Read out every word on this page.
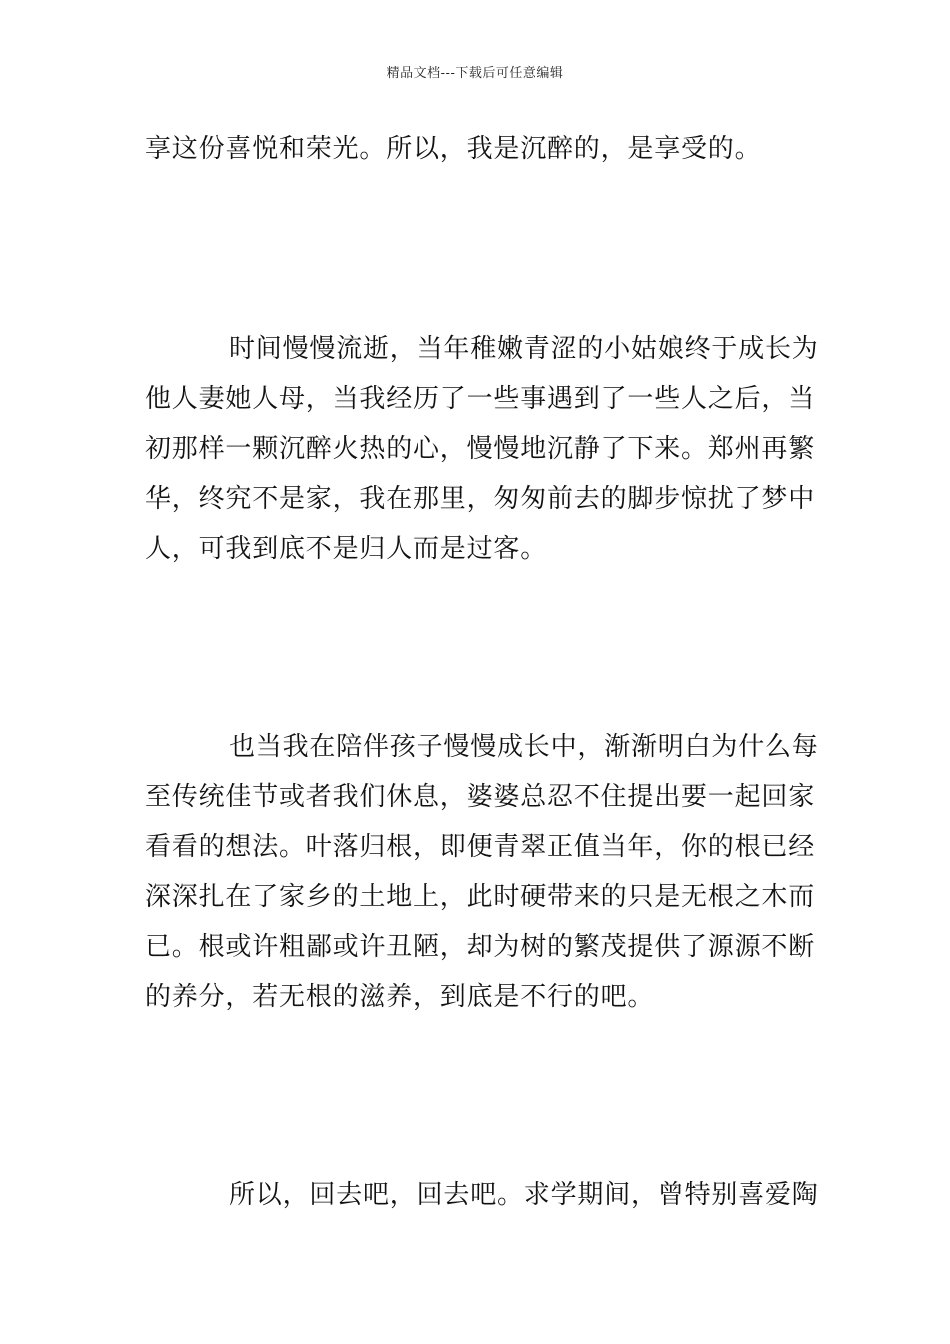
精品文档---下载后可任意编辑
享这份喜悦和荣光。所以，我是沉醉的，是享受的。
时间慢慢流逝，当年稚嫩青涩的小姑娘终于成长为
他人妻她人母，当我经历了一些事遇到了一些人之后，当
初那样一颗沉醉火热的心，慢慢地沉静了下来。郑州再繁
华，终究不是家，我在那里，匆匆前去的脚步惊扰了梦中
人，可我到底不是归人而是过客。
也当我在陪伴孩子慢慢成长中，渐渐明白为什么每
至传统佳节或者我们休息，婆婆总忍不住提出要一起回家
看看的想法。叶落归根，即便青翠正值当年，你的根已经
深深扎在了家乡的土地上，此时硬带来的只是无根之木而
已。根或许粗鄙或许丑陋，却为树的繁茂提供了源源不断
的养分，若无根的滋养，到底是不行的吧。
所以，回去吧，回去吧。求学期间，曾特别喜爱陶
